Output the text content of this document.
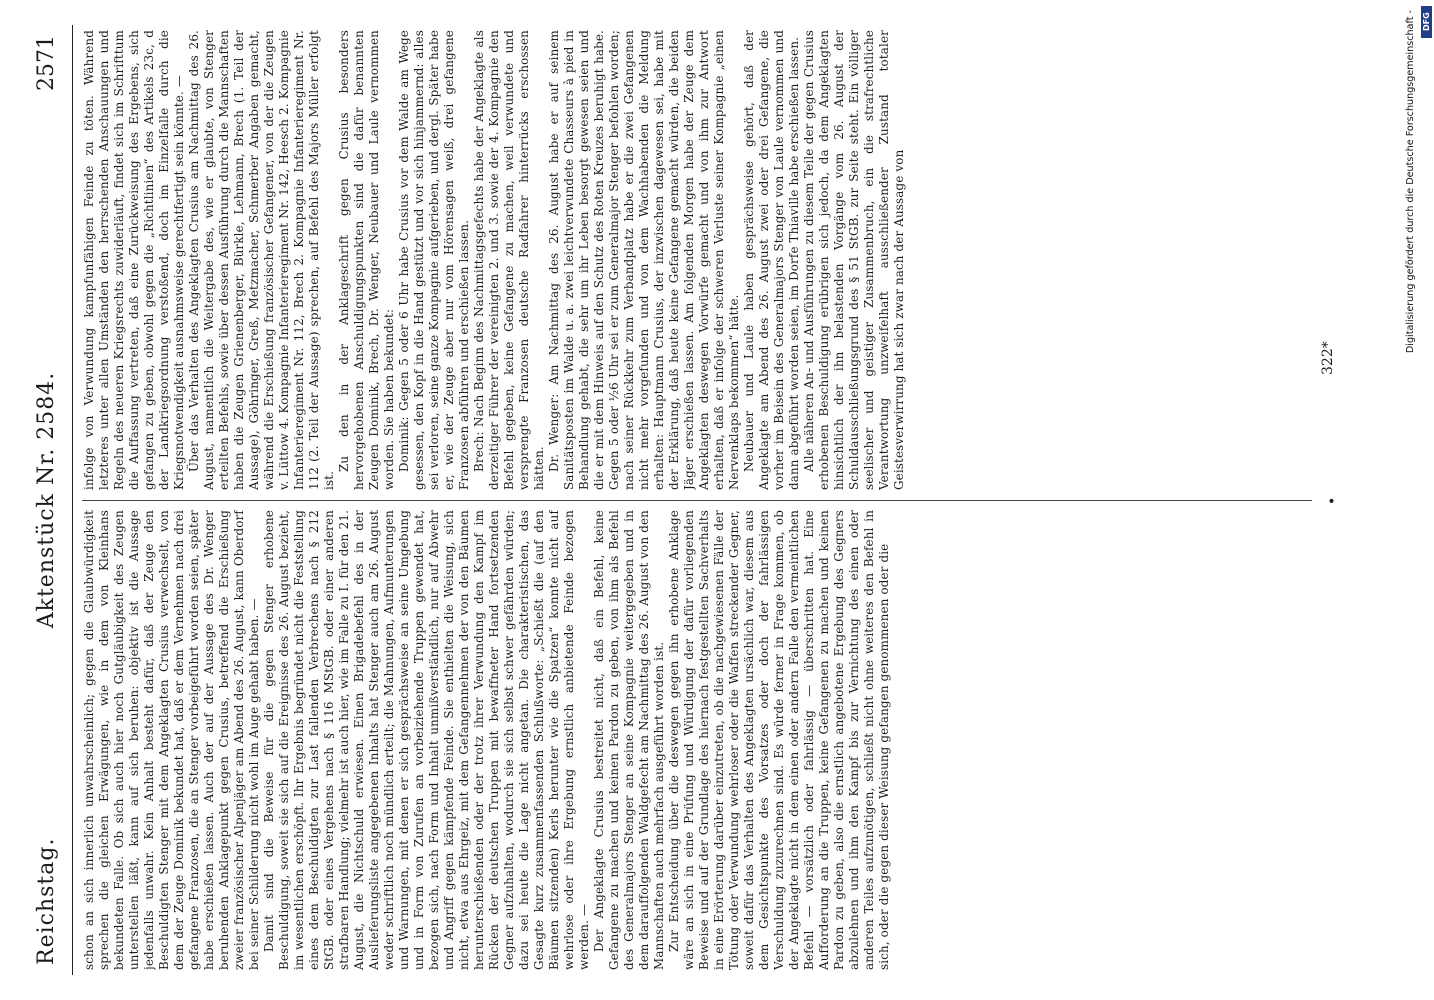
Reichstag.
Aktenstück Nr. 2584.
2571

schon an sich innerlich unwahrscheinlich; gegen die Glaubwürdigkeit sprechen die gleichen Erwägungen, wie in dem von Kleinhans bekundeten Falle. Ob sich auch hier noch Gutgläubigkeit des Zeugen unterstellen läßt, kann auf sich beruhen: objektiv ist die Aussage jedenfalls unwahr. Kein Anhalt besteht dafür, daß der Zeuge den Beschuldigten Stenger mit dem Angeklagten Crusius verwechselt, von dem der Zeuge Dominik bekundet hat, daß er dem Vernehmen nach drei gefangene Franzosen, die an Stenger vorbeigeführt worden seien, später habe erschießen lassen. Auch der auf der Aussage des Dr. Wenger beruhenden Anklagepunkt gegen Crusius, betreffend die Erschießung zweier französischer Alpenjäger am Abend des 26. August, kann Oberdorf bei seiner Schilderung nicht wohl im Auge gehabt haben. — Damit sind die Beweise für die gegen Stenger erhobene Beschuldigung, soweit sie sich auf die Ereignisse des 26. August bezieht, im wesentlichen erschöpft. Ihr Ergebnis begründet nicht die Feststellung eines dem Beschuldigten zur Last fallenden Verbrechens nach § 212 StGB. oder eines Vergehens nach § 116 MStGB. oder einer anderen strafbaren Handlung; vielmehr ist auch hier, wie im Falle zu I. für den 21. August, die Nichtschuld erwiesen. Einen Brigadebefehl des in der Auslieferungsliste angegebenen Inhalts hat Stenger auch am 26. August weder schriftlich noch mündlich erteilt; die Mahnungen, Aufmunterungen und Warnungen, mit denen er sich gesprächsweise an seine Umgebung und in Form von Zurufen an vorbeiziehende Truppen gewendet hat, bezogen sich, nach Form und Inhalt unmißverständlich, nur auf Abwehr und Angriff gegen kämpfende Feinde. Sie enthielten die Weisung, sich nicht, etwa aus Ehrgeiz, mit dem Gefangennehmen der von den Bäumen herunterschießenden oder der trotz ihrer Verwundung den Kampf im Rücken der deutschen Truppen mit bewaffneter Hand fortsetzenden Gegner aufzuhalten, wodurch sie sich selbst schwer gefährden würden; dazu sei heute die Lage nicht angetan. Die charakteristischen, das Gesagte kurz zusammenfassenden Schlußworte: „Schießt die (auf den Bäumen sitzenden) Kerls herunter wie die Spatzen“ konnte nicht auf wehrlose oder ihre Ergebung ernstlich anbietende Feinde bezogen werden. — Der Angeklagte Crusius bestreitet nicht, daß ein Befehl, keine Gefangene zu machen und keinen Pardon zu geben, von ihm als Befehl des Generalmajors Stenger an seine Kompagnie weitergegeben und in dem darauffolgenden Waldgefecht am Nachmittag des 26. August von den Mannschaften auch mehrfach ausgeführt worden ist. Zur Entscheidung über die deswegen gegen ihn erhobene Anklage wäre an sich in eine Prüfung und Würdigung der dafür vorliegenden Beweise und auf der Grundlage des hiernach festgestellten Sachverhalts in eine Erörterung darüber einzutreten, ob die nachgewiesenen Fälle der Tötung oder Verwundung wehrloser oder die Waffen streckender Gegner, soweit dafür das Verhalten des Angeklagten ursächlich war, diesem aus dem Gesichtspunkte des Vorsatzes oder doch der fahrlässigen Verschuldung zuzurechnen sind. Es würde ferner in Frage kommen, ob der Angeklagte nicht in dem einen oder andern Falle den vermeintlichen Befehl — vorsätzlich oder fahrlässig — überschritten hat. Eine Aufforderung an die Truppen, keine Gefangenen zu machen und keinen Pardon zu geben, also die ernstlich angebotene Ergebung des Gegners abzulehnen und ihm den Kampf bis zur Vernichtung des einen oder anderen Teiles aufzunötigen, schließt nicht ohne weiteres den Befehl in sich, oder die gegen dieser Weisung gefangen genommenen oder die

infolge von Verwundung kampfunfähigen Feinde zu töten. Während letzteres unter allen Umständen den herrschenden Anschauungen und Regeln des neueren Kriegsrechts zuwiderläuft, findet sich im Schrifttum die Auffassung vertreten, daß eine Zurückweisung des Ergebens, sich gefangen zu geben, obwohl gegen die „Richtlinien“ des Artikels 23c, d der Landkriegsordnung verstoßend, doch im Einzelfalle durch die Kriegsnotwendigkeit ausnahmsweise gerechtfertigt sein könnte. — Über das Verhalten des Angeklagten Crusius am Nachmittag des 26. August, namentlich die Weitergabe des, wie er glaubte, von Stenger erteilten Befehls, sowie über dessen Ausführung durch die Mannschaften haben die Zeugen Grienenberger, Bürkle, Lehmann, Brech (1. Teil der Aussage), Göhringer, Greß, Metzmacher, Schmerber Angaben gemacht, während die Erschießung französischer Gefangener, von der die Zeugen v. Lüttow 4. Kompagnie Infanterieregiment Nr. 142, Heesch 2. Kompagnie Infanterieregiment Nr. 112, Brech 2. Kompagnie Infanterieregiment Nr. 112 (2. Teil der Aussage) sprechen, auf Befehl des Majors Müller erfolgt ist.

Zu den in der Anklageschrift gegen Crusius besonders hervorgehobenen Anschuldigungspunkten sind die dafür benannten Zeugen Dominik, Brech, Dr. Wenger, Neubauer und Laule vernommen worden. Sie haben bekundet: Dominik: Gegen 5 oder 6 Uhr habe Crusius vor dem Walde am Wege gesessen, den Kopf in die Hand gestützt und vor sich hinjammernd: alles sei verloren, seine ganze Kompagnie aufgerieben, und dergl. Später habe er, wie der Zeuge aber nur vom Hörensagen weiß, drei gefangene Franzosen abführen und erschießen lassen. Brech: Nach Beginn des Nachmittagsgefechts habe der Angeklagte als derzeitiger Führer der vereinigten 2. und 3. sowie der 4. Kompagnie den Befehl gegeben, keine Gefangene zu machen, weil verwundete und versprengte Franzosen deutsche Radfahrer hinterrücks erschossen hätten. Dr. Wenger: Am Nachmittag des 26. August habe er auf seinem Sanitätsposten im Walde u. a. zwei leichtverwundete Chasseurs à pied in Behandlung gehabt, die sehr um ihr Leben besorgt gewesen seien und die er mit dem Hinweis auf den Schutz des Roten Kreuzes beruhigt habe. Gegen 5 oder ½6 Uhr sei er zum Generalmajor Stenger befohlen worden; nach seiner Rückkehr zum Verbandplatz habe er die zwei Gefangenen nicht mehr vorgefunden und von dem Wachhabenden die Meldung erhalten: Hauptmann Crusius, der inzwischen dagewesen sei, habe mit der Erklärung, daß heute keine Gefangene gemacht würden, die beiden Jäger erschießen lassen. Am folgenden Morgen habe der Zeuge dem Angeklagten deswegen Vorwürfe gemacht und von ihm zur Antwort erhalten, daß er infolge der schweren Verluste seiner Kompagnie „einen Nervenklaps bekommen“ hätte. Neubauer und Laule haben gesprächsweise gehört, daß der Angeklagte am Abend des 26. August zwei oder drei Gefangene, die vorher im Beisein des Generalmajors Stenger von Laule vernommen und dann abgeführt worden seien, im Dorfe Thiaville habe erschießen lassen. Alle näheren An- und Ausführungen zu diesem Teile der gegen Crusius erhobenen Beschuldigung erübrigen sich jedoch, da dem Angeklagten hinsichtlich der ihn belastenden Vorgänge vom 26. August der Schuldausschließungsgrund des § 51 StGB. zur Seite steht. Ein völliger seelischer und geistiger Zusammenbruch, ein die strafrechtliche Verantwortung unzweifelhaft ausschließender Zustand totaler Geistesverwirrung hat sich zwar nach der Aussage von

•
322*
Digitalisierung gefördert durch die Deutsche Forschungsgemeinschaft - DFG
